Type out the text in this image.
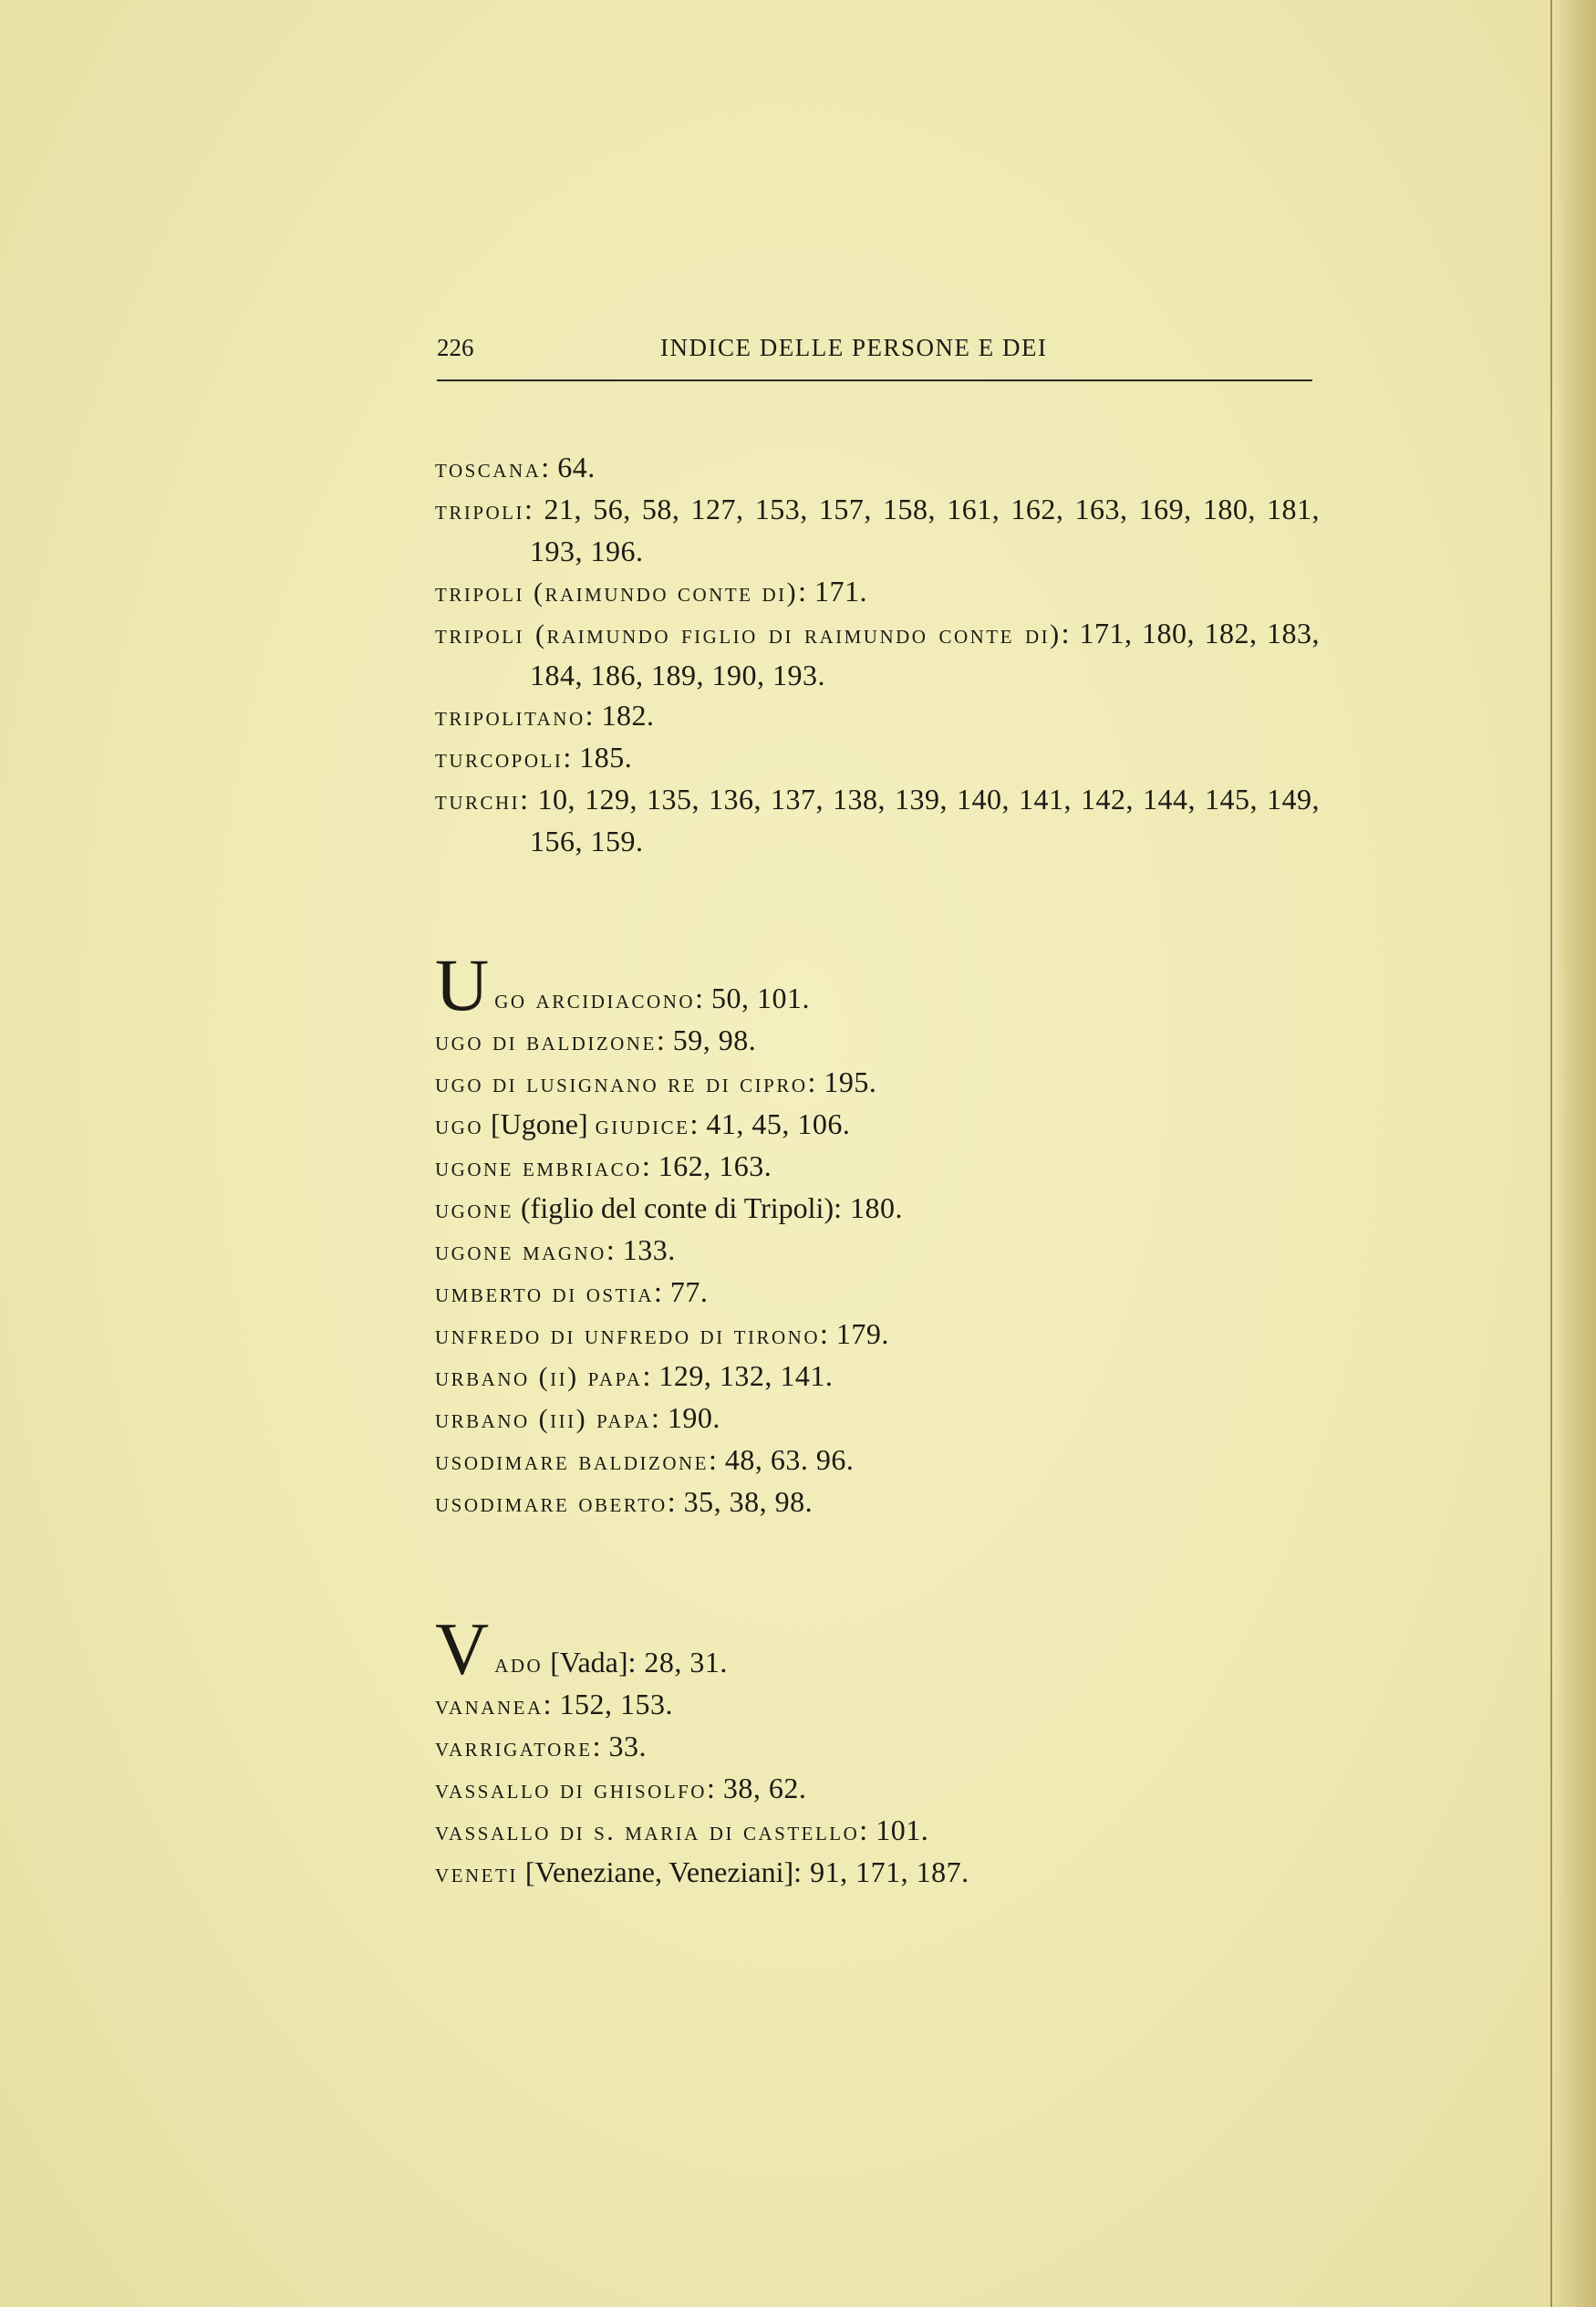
226	INDICE DELLE PERSONE E DEI
toscana: 64.
tripoli: 21, 56, 58, 127, 153, 157, 158, 161, 162, 163, 169, 180, 181, 193, 196.
tripoli (raimundo conte di): 171.
tripoli (raimundo figlio di raimundo conte di): 171, 180, 182, 183, 184, 186, 189, 190, 193.
tripolitano: 182.
turcopoli: 185.
turchi: 10, 129, 135, 136, 137, 138, 139, 140, 141, 142, 144, 145, 149, 156, 159.
Ugo arcidiacono: 50, 101.
ugo di baldizone: 59, 98.
ugo di lusignano re di cipro: 195.
ugo [Ugone] giudice: 41, 45, 106.
ugone embriaco: 162, 163.
ugone (figlio del conte di Tripoli): 180.
ugone magno: 133.
umberto di ostia: 77.
unfredo di unfredo di tirono: 179.
urbano (ii) papa: 129, 132, 141.
urbano (iii) papa: 190.
usodimare baldizone: 48, 63. 96.
usodimare oberto: 35, 38, 98.
Vado [Vada]: 28, 31.
vananea: 152, 153.
varrigatore: 33.
vassallo di ghisolfo: 38, 62.
vassallo di s. maria di castello: 101.
veneti [Veneziane, Veneziani]: 91, 171, 187.
